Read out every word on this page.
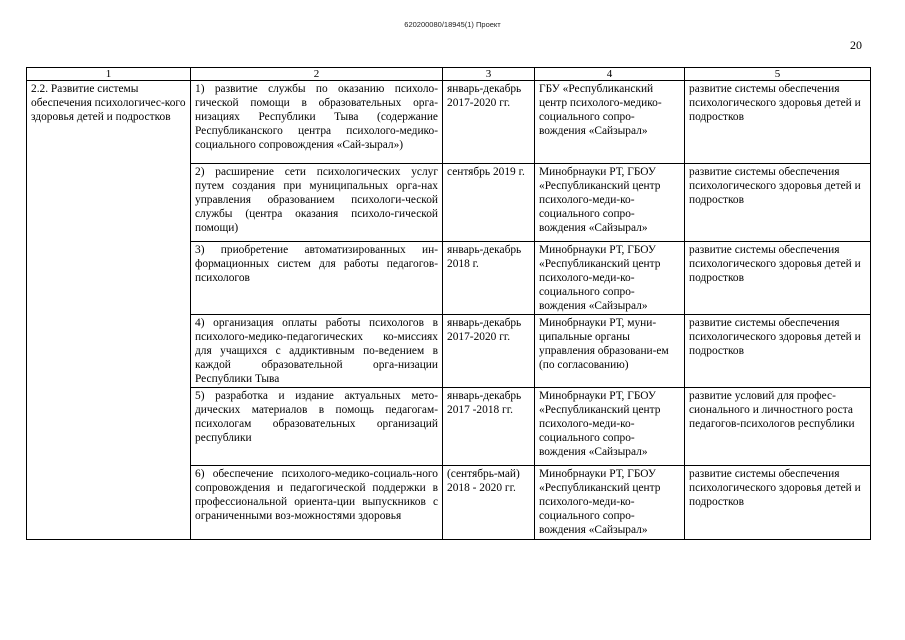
620200080/18945(1) Проект
20
1	2	3	4	5
2.2. Развитие системы обеспечения психологичес-кого здоровья детей и подростков	1) развитие службы по оказанию психоло-гической помощи в образовательных орга-низациях Республики Тыва (содержание Республиканского центра психолого-медико-социального сопровождения «Сай-зырал»)	январь-декабрь 2017-2020 гг.	ГБУ «Республиканский центр психолого-медико-социального сопро-вождения «Сайзырал»	развитие системы обеспечения психологического здоровья детей и подростков
	2) расширение сети психологических услуг путем создания при муниципальных орга-нах управления образованием психологи-ческой службы (центра оказания психоло-гической помощи)	сентябрь 2019 г.	Минобрнауки РТ, ГБОУ «Республиканский центр психолого-меди-ко-социального сопро-вождения «Сайзырал»	развитие системы обеспечения психологического здоровья детей и подростков
	3) приобретение автоматизированных ин-формационных систем для работы педагогов-психологов	январь-декабрь 2018 г.	Минобрнауки РТ, ГБОУ «Республиканский центр психолого-меди-ко-социального сопро-вождения «Сайзырал»	развитие системы обеспечения психологического здоровья детей и подростков
	4) организация оплаты работы психологов в психолого-медико-педагогических ко-миссиях для учащихся с аддиктивным по-ведением в каждой образовательной орга-низации Республики Тыва	январь-декабрь 2017-2020 гг.	Минобрнауки РТ, муни-ципальные органы управления образовани-ем (по согласованию)	развитие системы обеспечения психологического здоровья детей и подростков
	5) разработка и издание актуальных мето-дических материалов в помощь педагогам-психологам образовательных организаций республики	январь-декабрь 2017 -2018 гг.	Минобрнауки РТ, ГБОУ «Республиканский центр психолого-меди-ко-социального сопро-вождения «Сайзырал»	развитие условий для профес-сионального и личностного роста педагогов-психологов республики
	6) обеспечение психолого-медико-социаль-ного сопровождения и педагогической поддержки в профессиональной ориента-ции выпускников с ограниченными воз-можностями здоровья	(сентябрь-май) 2018 - 2020 гг.	Минобрнауки РТ, ГБОУ «Республиканский центр психолого-меди-ко-социального сопро-вождения «Сайзырал»	развитие системы обеспечения психологического здоровья детей и подростков
